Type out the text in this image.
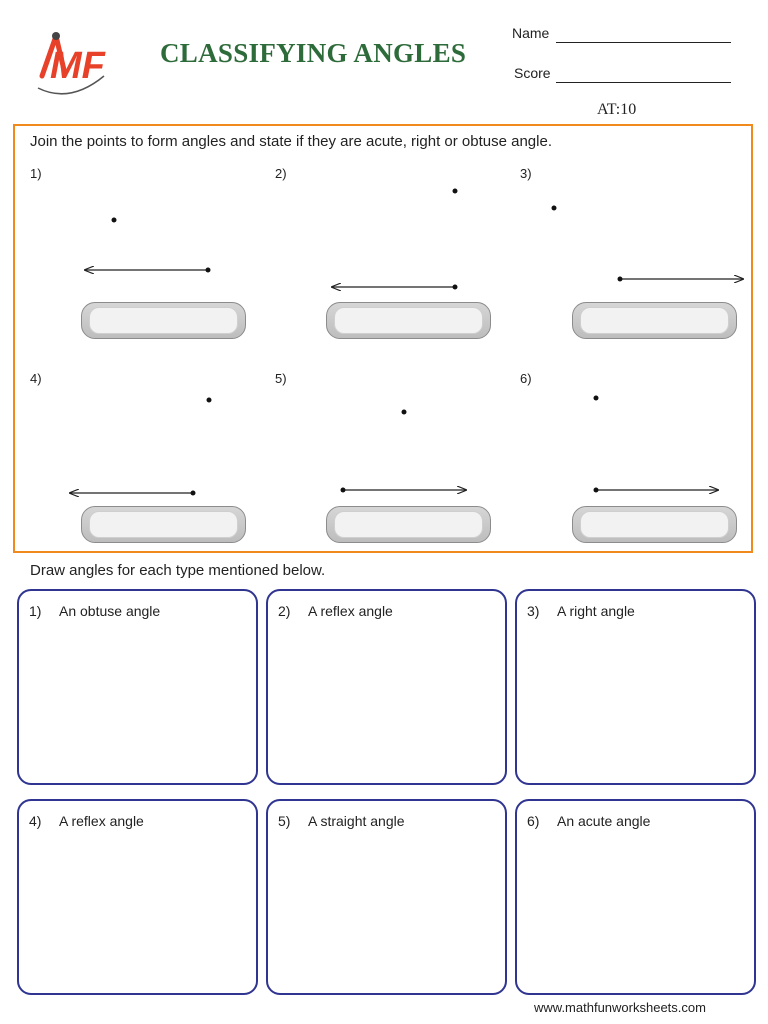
MF CLASSIFYING ANGLES
Name
Score
AT:10
Join the points to form angles and state if they are acute, right or obtuse angle.
1)	2)	3)
4)	5)	6)
Draw angles for each type mentioned below.
1) An obtuse angle	2) A reflex angle	3) A right angle
4) A reflex angle	5) A straight angle	6) An acute angle
www.mathfunworksheets.com
